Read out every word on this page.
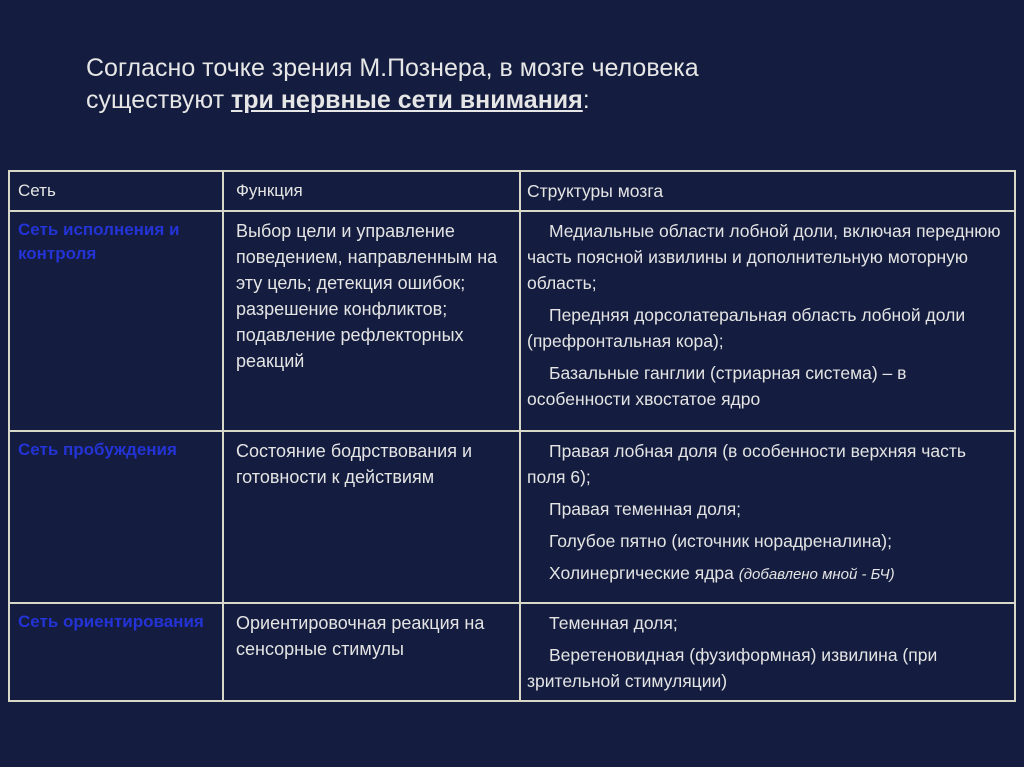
Согласно точке зрения М.Познера, в мозге человека
существуют три нервные сети внимания:
Сеть	Функция	Структуры мозга
Сеть исполнения и контроля	Выбор цели и управление поведением, направленным на эту цель; детекция ошибок; разрешение конфликтов; подавление рефлекторных реакций	Медиальные области лобной доли, включая переднюю часть поясной извилины и дополнительную моторную область;
Передняя дорсолатеральная область лобной доли (префронтальная кора);
Базальные ганглии (стриарная система) – в особенности хвостатое ядро

Сеть пробуждения	Состояние бодрствования и готовности к действиям	Правая лобная доля (в особенности верхняя часть поля 6);
Правая теменная доля;
Голубое пятно (источник норадреналина);
Холинергические ядра (добавлено мной - БЧ)

Сеть ориентирования	Ориентировочная реакция на сенсорные стимулы	Теменная доля;
Веретеновидная (фузиформная) извилина (при зрительной стимуляции)
